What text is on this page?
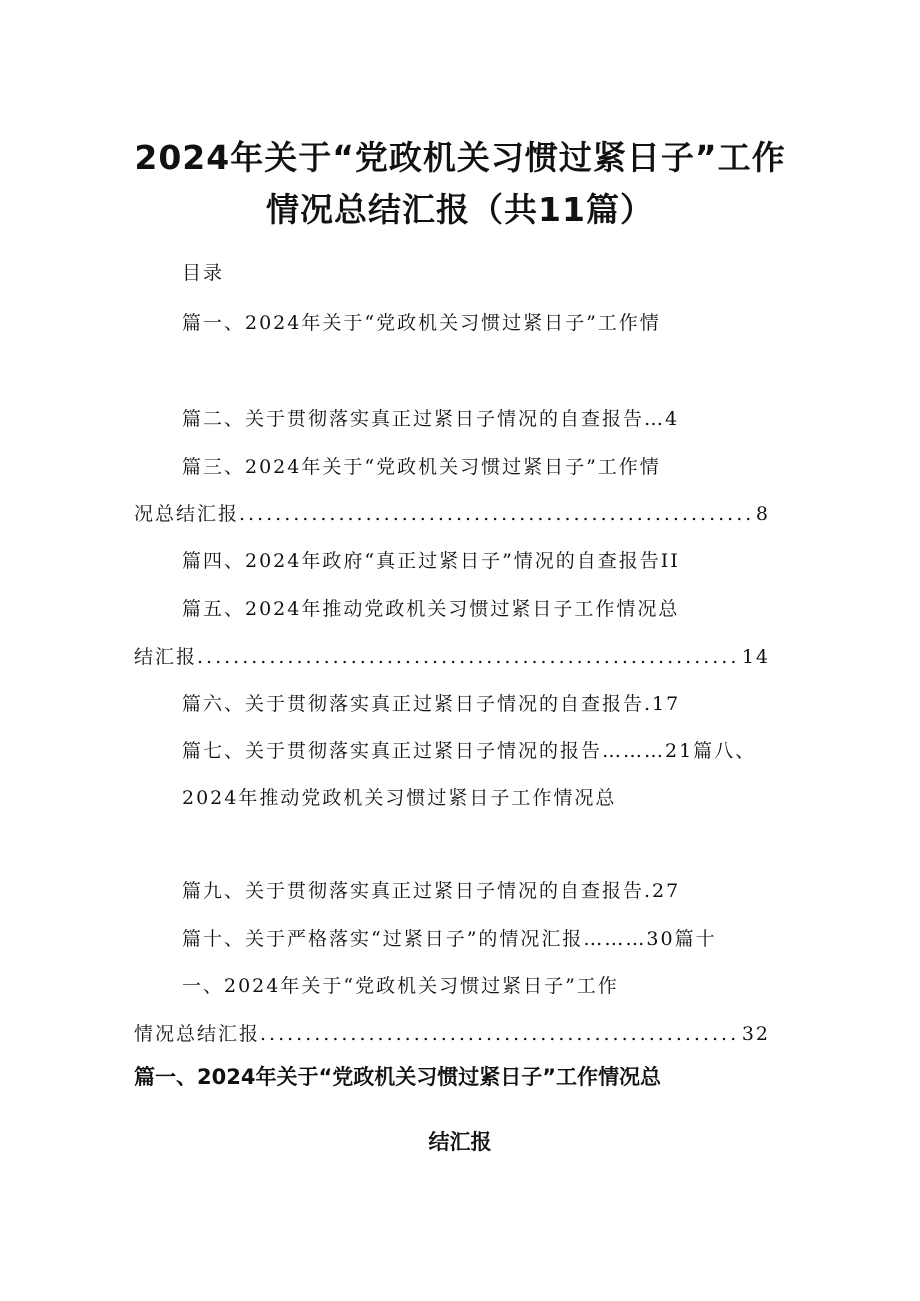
2024年关于“党政机关习惯过紧日子”工作
情况总结汇报（共11篇）
目录
篇一、2024年关于“党政机关习惯过紧日子”工作情
篇二、关于贯彻落实真正过紧日子情况的自查报告…4
篇三、2024年关于“党政机关习惯过紧日子”工作情
况总结汇报 .....	8
篇四、2024年政府“真正过紧日子”情况的自查报告II
篇五、2024年推动党政机关习惯过紧日子工作情况总
结汇报 .....	14
篇六、关于贯彻落实真正过紧日子情况的自查报告.17
篇七、关于贯彻落实真正过紧日子情况的报告………21篇八、
2024年推动党政机关习惯过紧日子工作情况总
篇九、关于贯彻落实真正过紧日子情况的自查报告.27
篇十、关于严格落实“过紧日子”的情况汇报………30篇十
一、2024年关于“党政机关习惯过紧日子”工作
情况总结汇报 .....	32
篇一、2024年关于“党政机关习惯过紧日子”工作情况总
结汇报
